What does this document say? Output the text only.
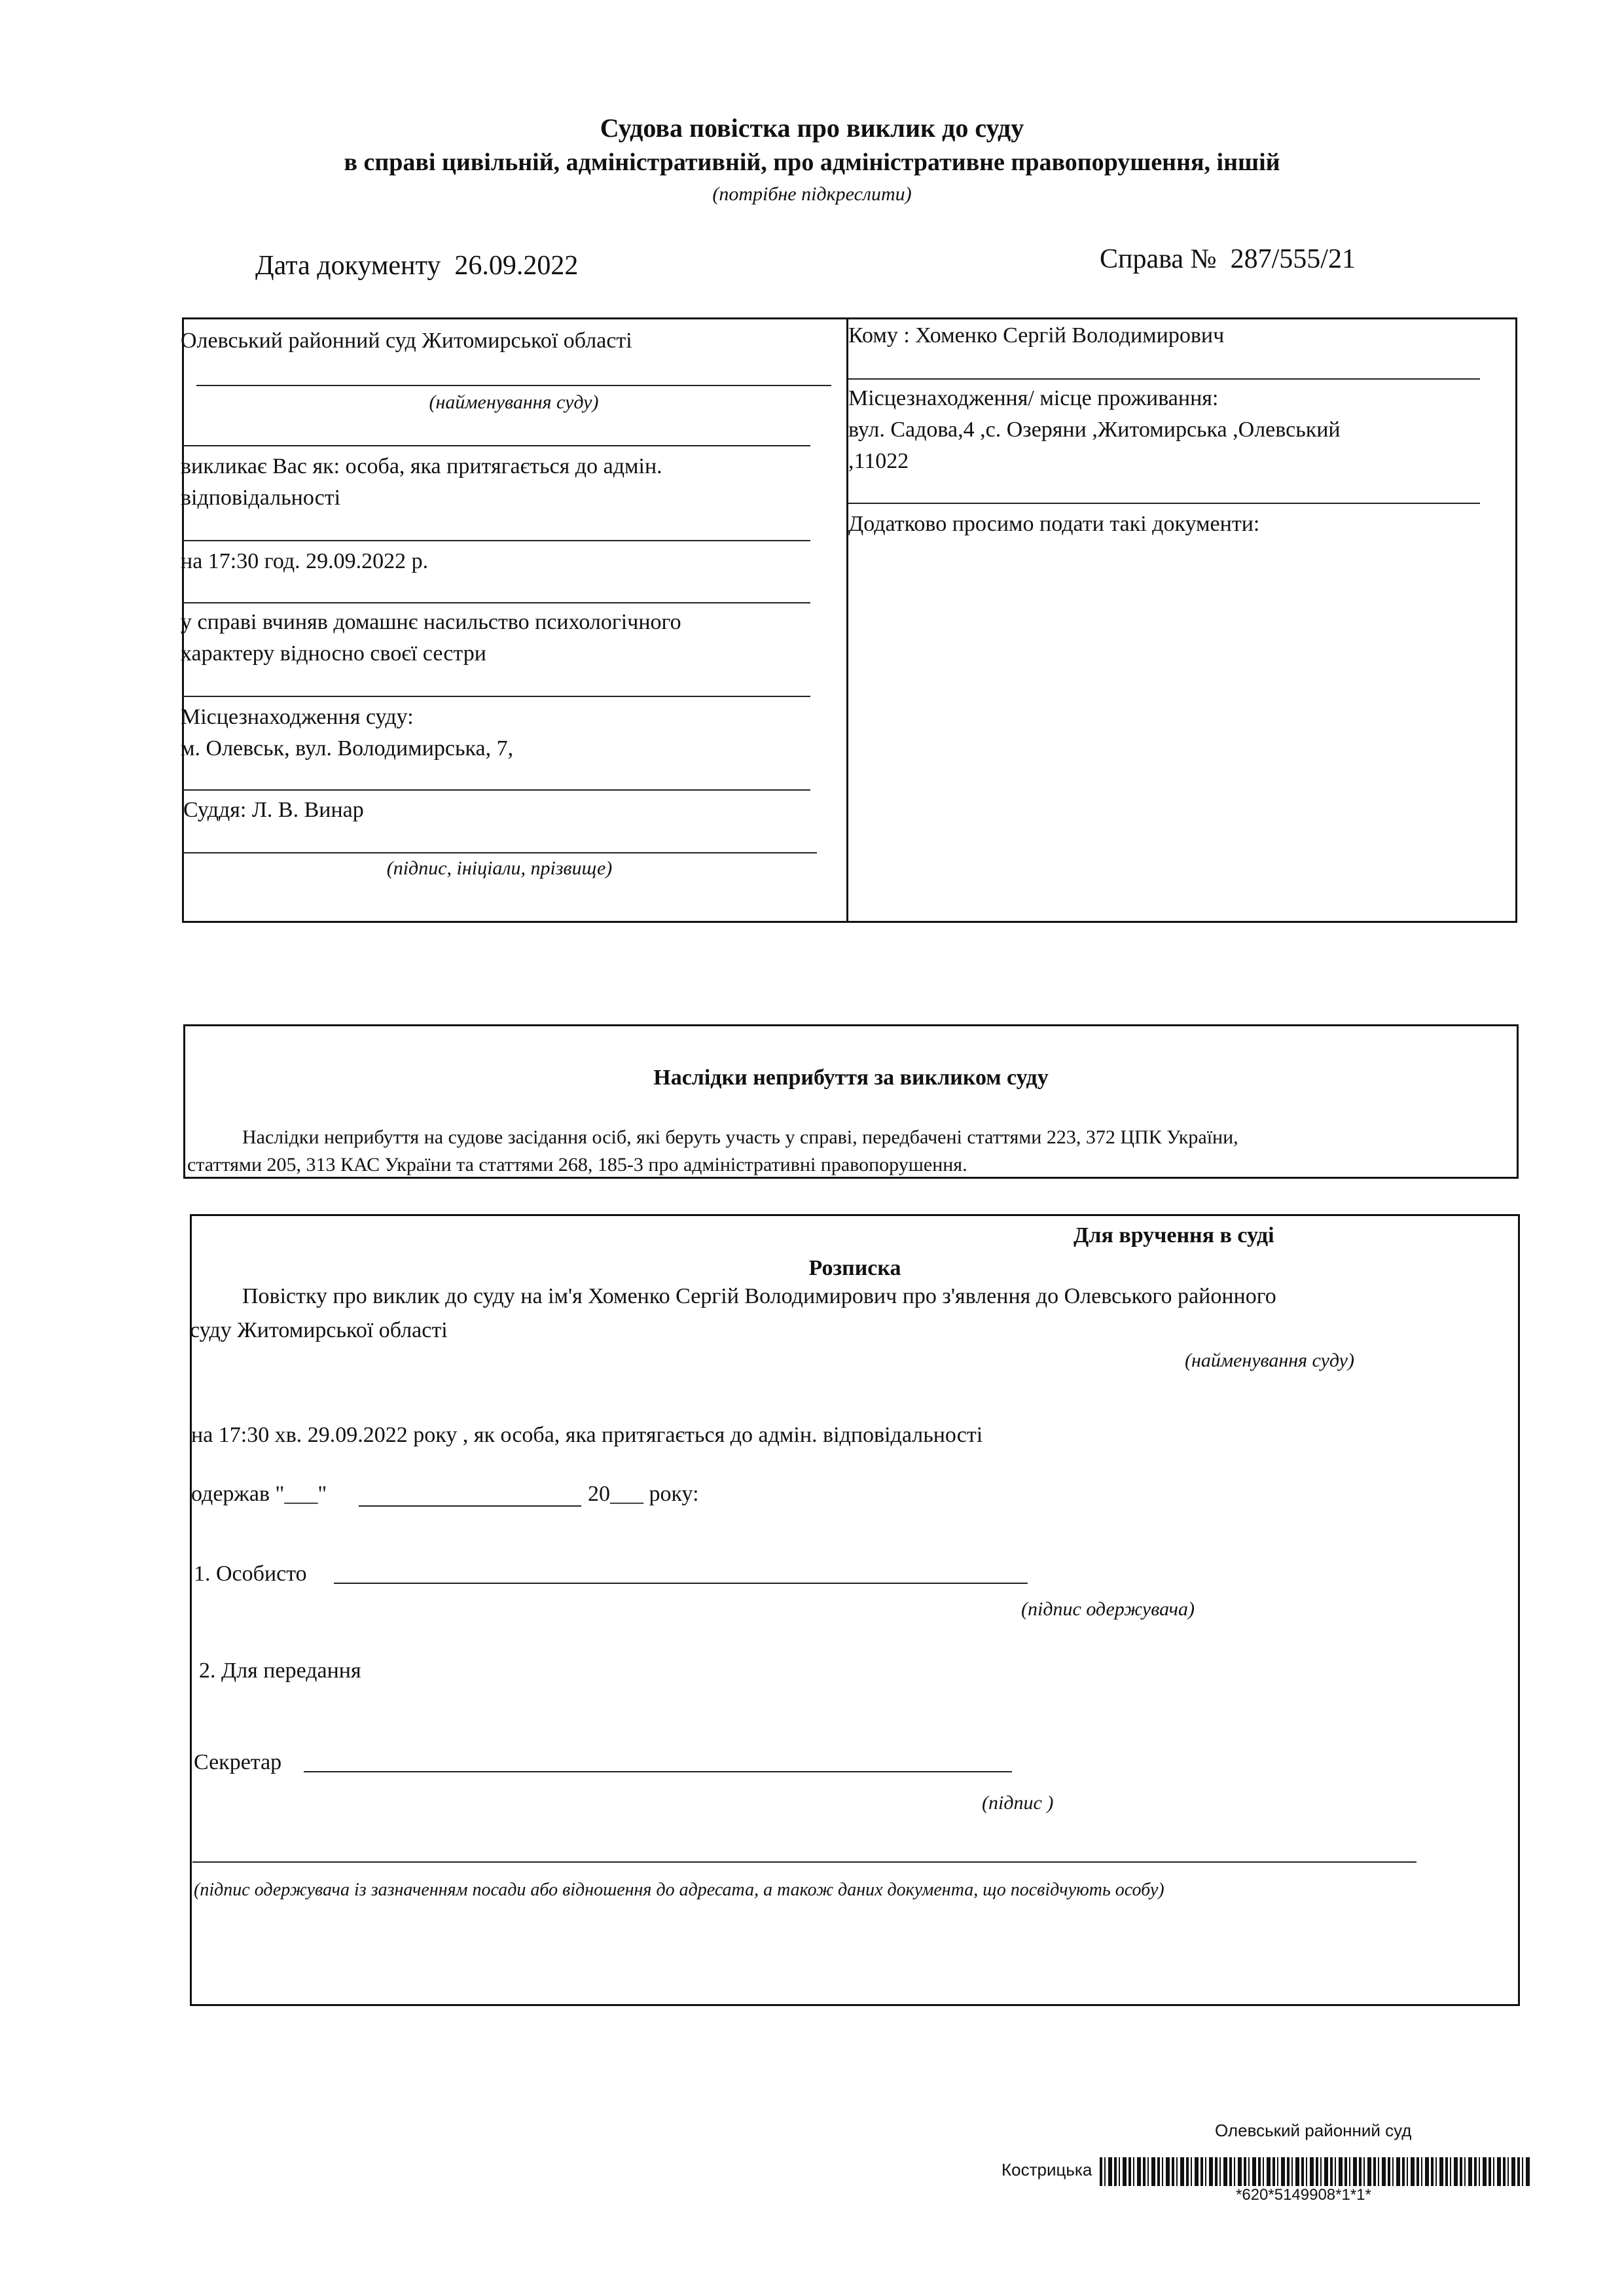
Судова повістка про виклик до суду
в справі цивільній, адміністративній, про адміністративне правопорушення, іншій
(потрібне підкреслити)
Дата документу 26.09.2022	Справа № 287/555/21
Олевський районний суд Житомирської області
(найменування суду)
викликає Вас як: особа, яка притягається до адмін.
відповідальності
на 17:30 год. 29.09.2022 р.
у справі вчиняв домашнє насильство психологічного
характеру відносно своєї сестри
Місцезнаходження суду:
м. Олевськ, вул. Володимирська, 7,
Суддя: Л. В. Винар
(підпис, ініціали, прізвище)
Кому : Хоменко Сергій Володимирович
Місцезнаходження/ місце проживання:
вул. Садова,4 ,с. Озеряни ,Житомирська ,Олевський
,11022
Додатково просимо подати такі документи:
Наслідки неприбуття за викликом суду
Наслідки неприбуття на судове засідання осіб, які беруть участь у справі, передбачені статтями 223, 372 ЦПК України,
статтями 205, 313 КАС України та статтями 268, 185-3 про адміністративні правопорушення.
Для вручення в суді
Розписка
Повістку про виклик до суду на ім'я Хоменко Сергій Володимирович про з'явлення до Олевського районного
суду Житомирської області
(найменування суду)
на 17:30 хв. 29.09.2022 року , як особа, яка притягається до адмін. відповідальності
одержав "___"	20___ року:
1. Особисто
(підпис одержувача)
2. Для передання
Секретар
(підпис )
(підпис одержувача із зазначенням посади або відношення до адресата, а також даних документа, що посвідчують особу)
Олевський районний суд
Кострицька
*620*5149908*1*1*
